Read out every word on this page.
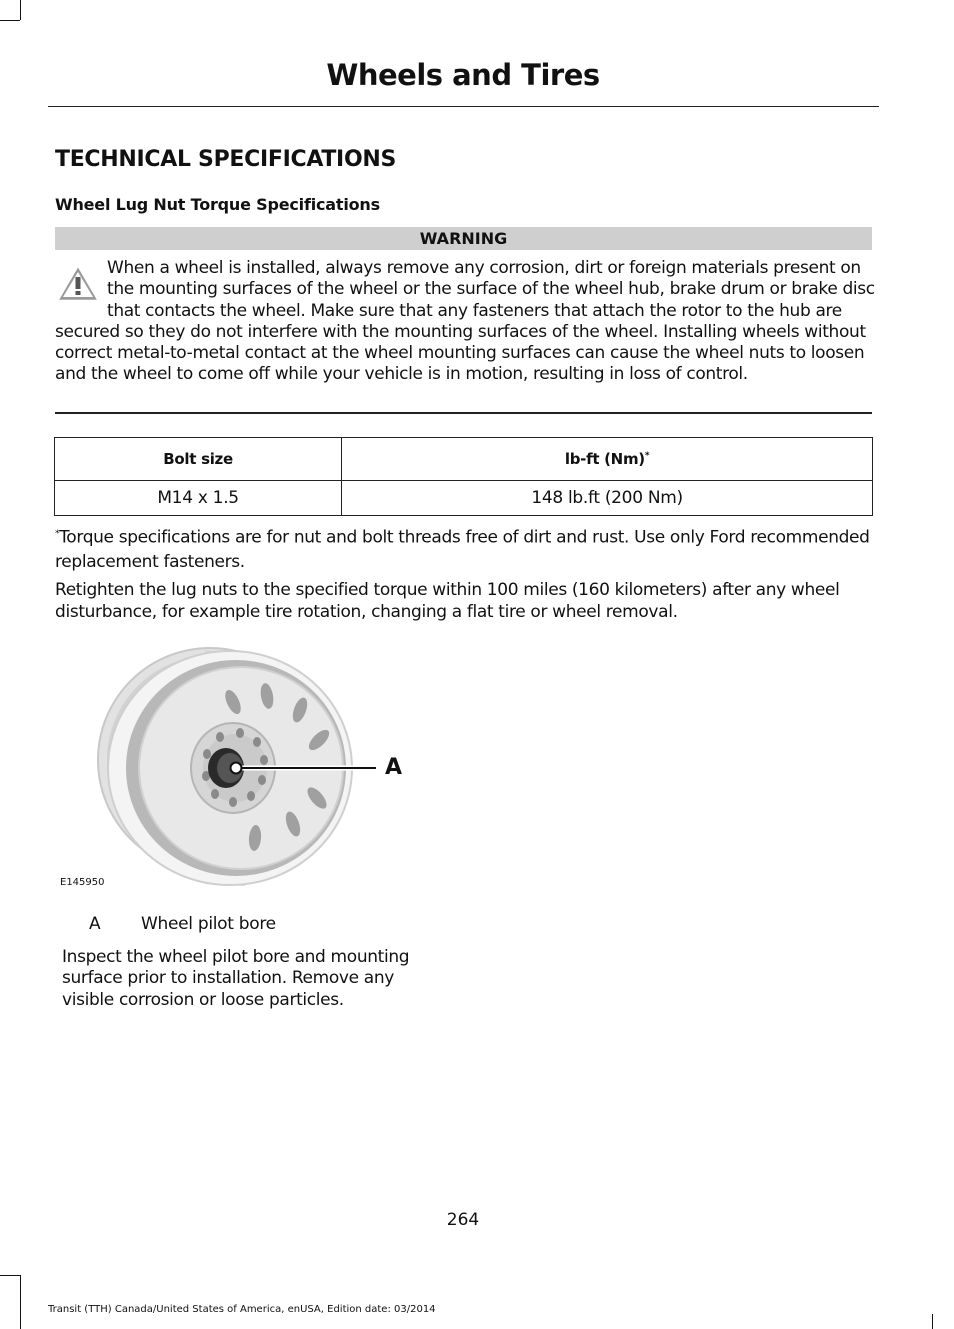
Wheels and Tires
TECHNICAL SPECIFICATIONS
Wheel Lug Nut Torque Specifications
WARNING
When a wheel is installed, always remove any corrosion, dirt or foreign materials present on the mounting surfaces of the wheel or the surface of the wheel hub, brake drum or brake disc that contacts the wheel. Make sure that any fasteners that attach the rotor to the hub are secured so they do not interfere with the mounting surfaces of the wheel. Installing wheels without correct metal-to-metal contact at the wheel mounting surfaces can cause the wheel nuts to loosen and the wheel to come off while your vehicle is in motion, resulting in loss of control.
Bolt size	lb-ft (Nm)*
M14 x 1.5	148 lb.ft (200 Nm)
*Torque specifications are for nut and bolt threads free of dirt and rust. Use only Ford recommended replacement fasteners.
Retighten the lug nuts to the specified torque within 100 miles (160 kilometers) after any wheel disturbance, for example tire rotation, changing a flat tire or wheel removal.
A
E145950
A Wheel pilot bore
Inspect the wheel pilot bore and mounting surface prior to installation. Remove any visible corrosion or loose particles.
264
Transit (TTH) Canada/United States of America, enUSA, Edition date: 03/2014
